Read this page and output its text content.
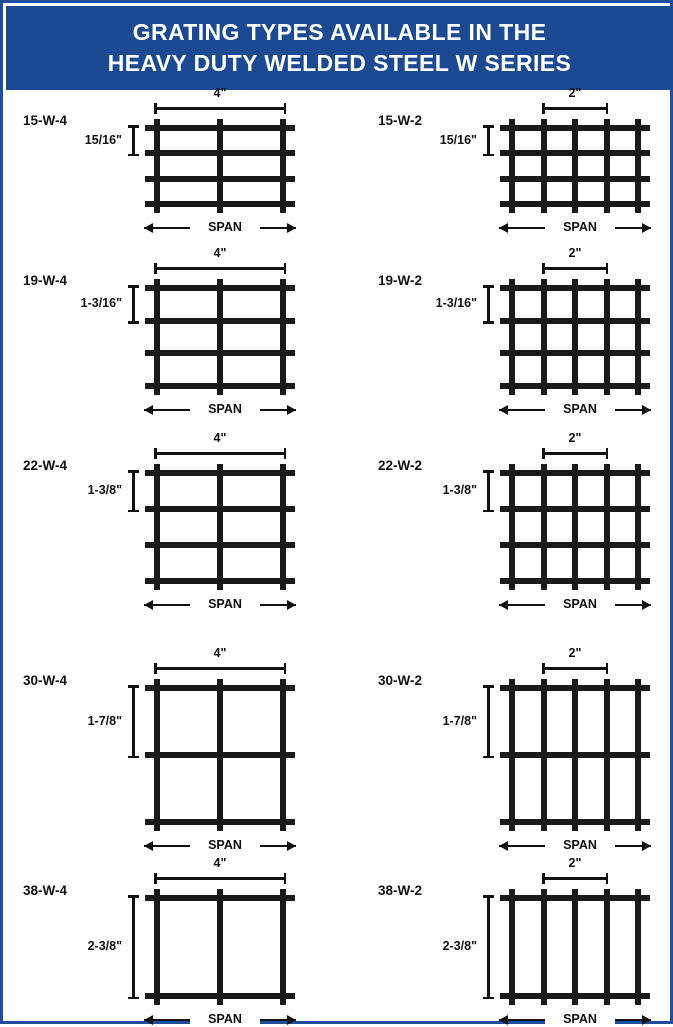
GRATING TYPES AVAILABLE IN THE
HEAVY DUTY WELDED STEEL W SERIES
15-W-4
4"
15/16"
SPAN
15-W-2
2"
15/16"
SPAN
19-W-4
4"
1-3/16"
SPAN
19-W-2
2"
1-3/16"
SPAN
22-W-4
4"
1-3/8"
SPAN
22-W-2
2"
1-3/8"
SPAN
30-W-4
4"
1-7/8"
SPAN
30-W-2
2"
1-7/8"
SPAN
38-W-4
4"
2-3/8"
SPAN
38-W-2
2"
2-3/8"
SPAN
